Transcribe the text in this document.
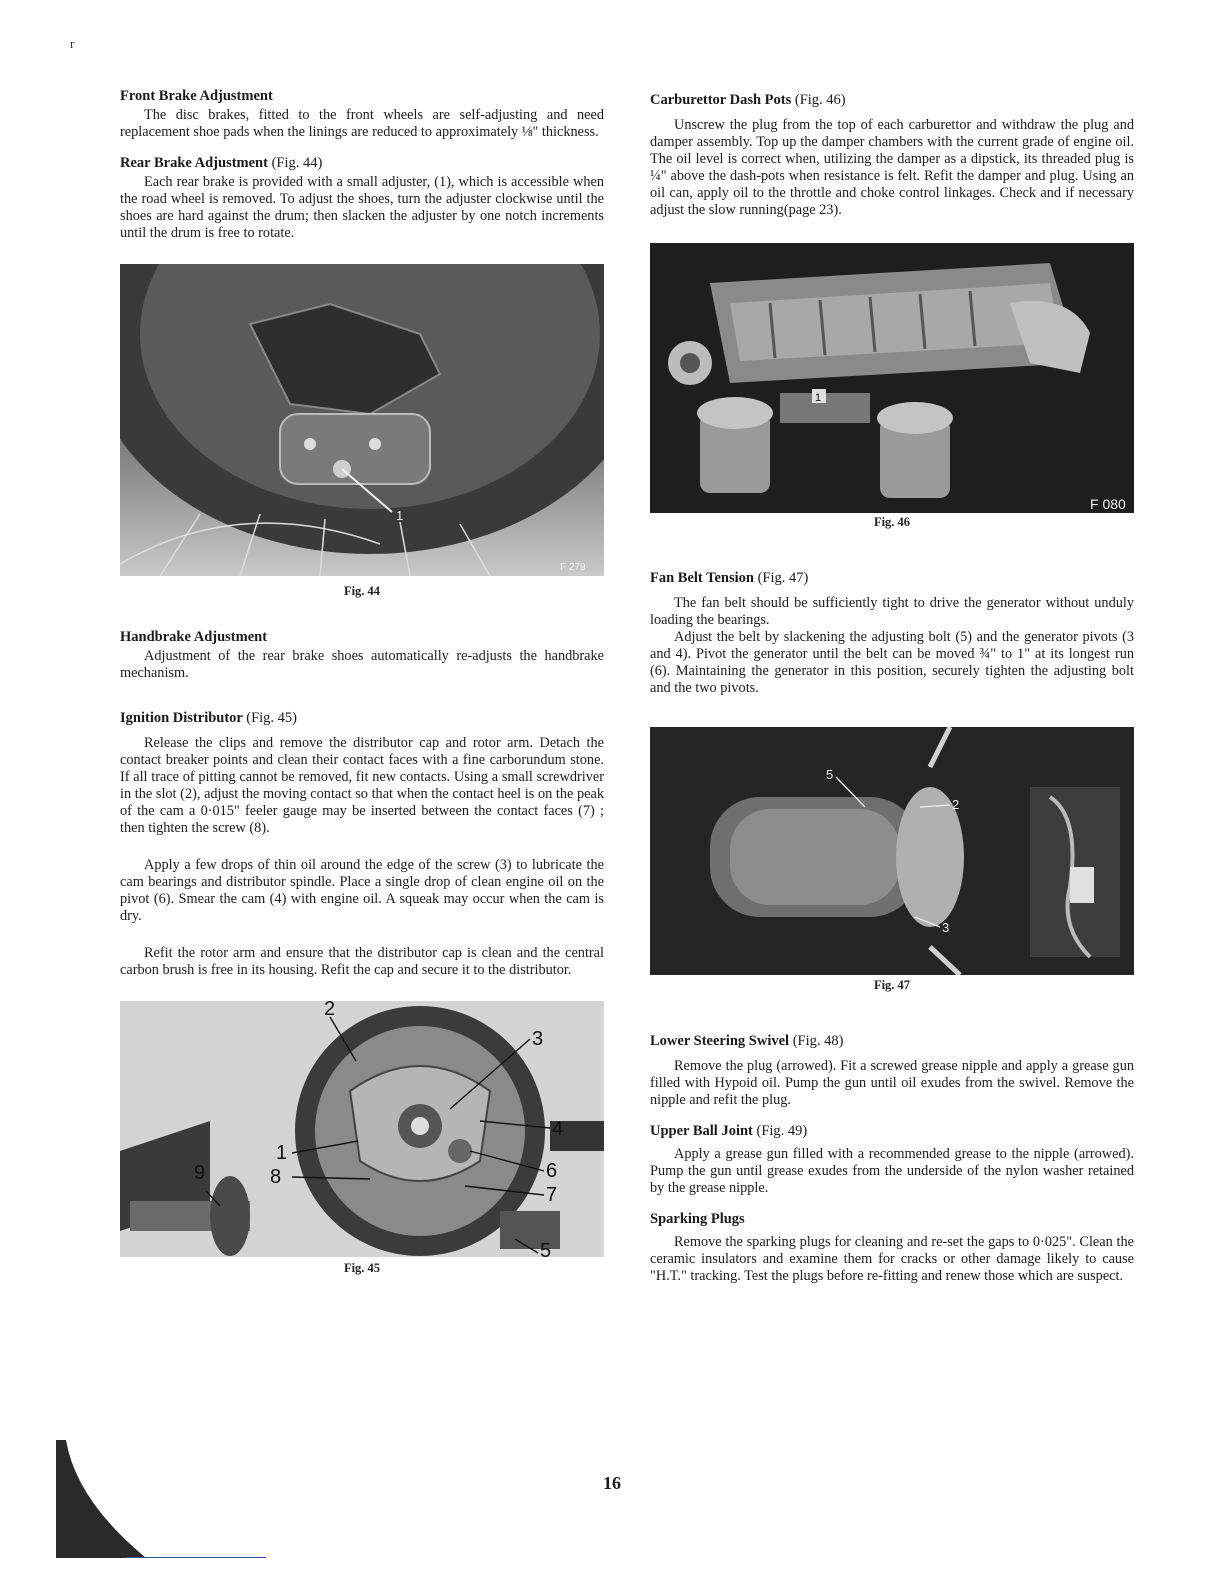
r
Front Brake Adjustment

The disc brakes, fitted to the front wheels are self-adjusting and need replacement shoe pads when the linings are reduced to approximately ⅛" thickness.

Rear Brake Adjustment (Fig. 44)

Each rear brake is provided with a small adjuster, (1), which is accessible when the road wheel is removed. To adjust the shoes, turn the adjuster clockwise until the shoes are hard against the drum; then slacken the adjuster by one notch increments until the drum is free to rotate.

1
F 279
Fig. 44
Handbrake Adjustment

Adjustment of the rear brake shoes automatically re-adjusts the handbrake mechanism.

Ignition Distributor (Fig. 45)

Release the clips and remove the distributor cap and rotor arm. Detach the contact breaker points and clean their contact faces with a fine carborundum stone. If all trace of pitting cannot be removed, fit new contacts. Using a small screwdriver in the slot (2), adjust the moving contact so that when the contact heel is on the peak of the cam a 0·015" feeler gauge may be inserted between the contact faces (7) ; then tighten the screw (8).

Apply a few drops of thin oil around the edge of the screw (3) to lubricate the cam bearings and distributor spindle. Place a single drop of clean engine oil on the pivot (6). Smear the cam (4) with engine oil. A squeak may occur when the cam is dry.

Refit the rotor arm and ensure that the distributor cap is clean and the central carbon brush is free in its housing. Refit the cap and secure it to the distributor.

2
3
4
1
8	6
7
9
5
Fig. 45
Carburettor Dash Pots (Fig. 46)

Unscrew the plug from the top of each carburettor and withdraw the plug and damper assembly. Top up the damper chambers with the current grade of engine oil. The oil level is correct when, utilizing the damper as a dipstick, its threaded plug is ¼" above the dash-pots when resistance is felt. Refit the damper and plug. Using an oil can, apply oil to the throttle and choke control linkages. Check and if necessary adjust the slow running(page 23).

1
F 080
Fig. 46
Fan Belt Tension (Fig. 47)

The fan belt should be sufficiently tight to drive the generator without unduly loading the bearings.

Adjust the belt by slackening the adjusting bolt (5) and the generator pivots (3 and 4). Pivot the generator until the belt can be moved ¾" to 1" at its longest run (6). Maintaining the generator in this position, securely tighten the adjusting bolt and the two pivots.

5
2
3
Fig. 47
Lower Steering Swivel (Fig. 48)

Remove the plug (arrowed). Fit a screwed grease nipple and apply a grease gun filled with Hypoid oil. Pump the gun until oil exudes from the swivel. Remove the nipple and refit the plug.

Upper Ball Joint (Fig. 49)

Apply a grease gun filled with a recommended grease to the nipple (arrowed). Pump the gun until grease exudes from the underside of the nylon washer retained by the grease nipple.

Sparking Plugs

Remove the sparking plugs for cleaning and re-set the gaps to 0·025". Clean the ceramic insulators and examine them for cracks or other damage likely to cause "H.T." tracking. Test the plugs before re-fitting and renew those which are suspect.

16
